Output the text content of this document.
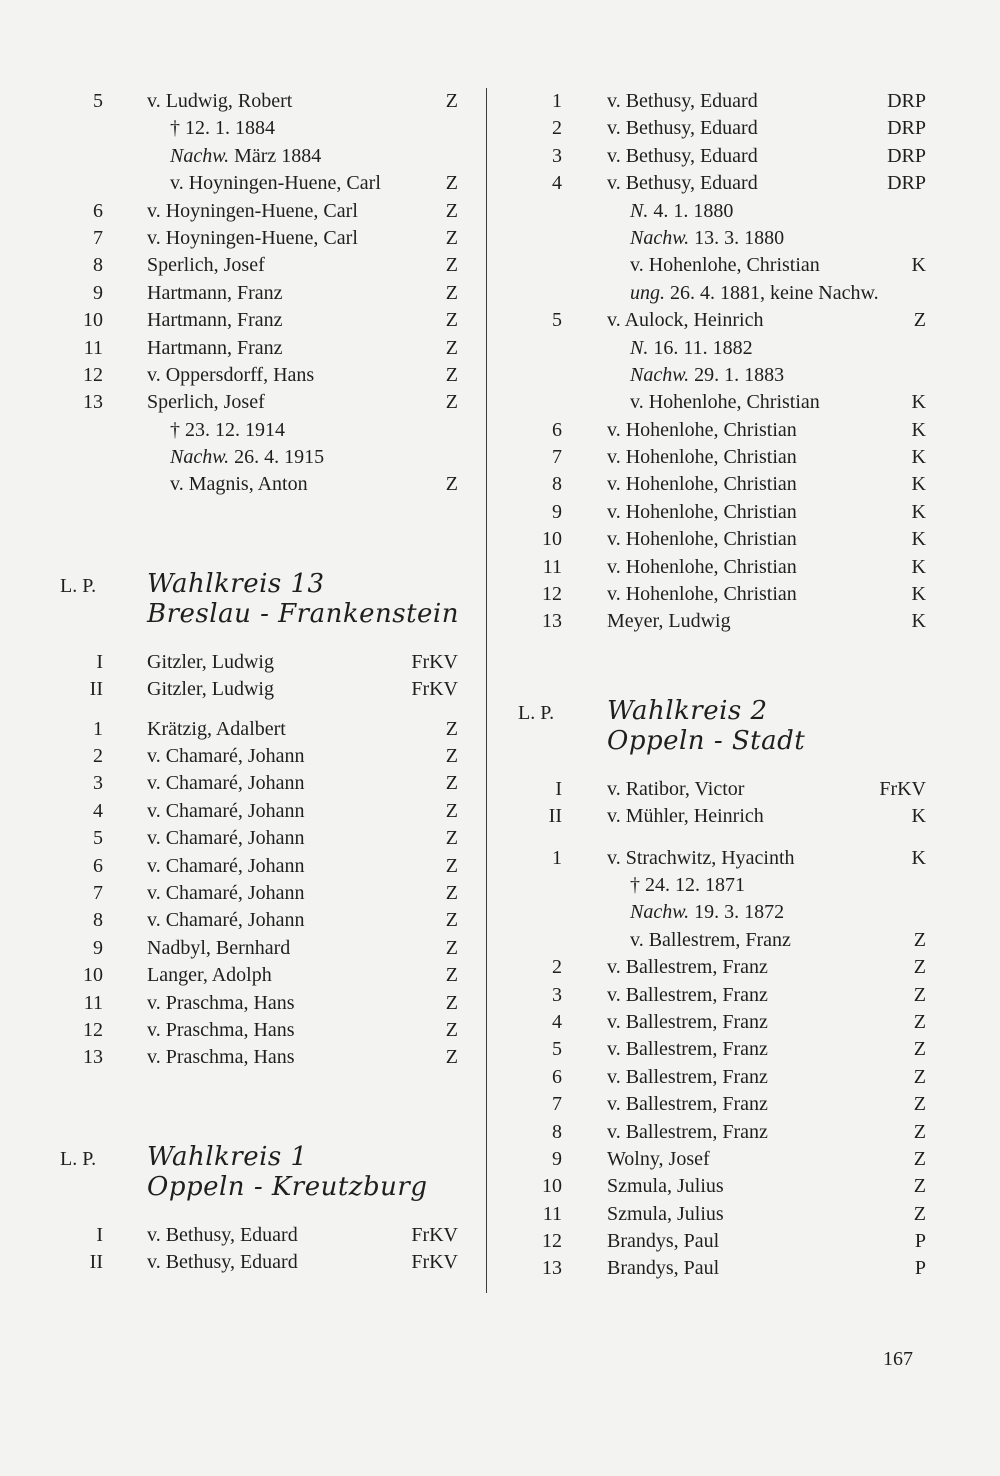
5 v. Ludwig, Robert	Z
† 12. 1. 1884
Nachw. März 1884
v. Hoyningen-Huene, Carl	Z
6 v. Hoyningen-Huene, Carl	Z
7 v. Hoyningen-Huene, Carl	Z
8 Sperlich, Josef	Z
9 Hartmann, Franz	Z
10 Hartmann, Franz	Z
11 Hartmann, Franz	Z
12 v. Oppersdorff, Hans	Z
13 Sperlich, Josef	Z
† 23. 12. 1914
Nachw. 26. 4. 1915
v. Magnis, Anton	Z
L. P. Wahlkreis 13
Breslau - Frankenstein
I Gitzler, Ludwig	FrKV
II Gitzler, Ludwig	FrKV
1 Krätzig, Adalbert	Z
2 v. Chamaré, Johann	Z
3 v. Chamaré, Johann	Z
4 v. Chamaré, Johann	Z
5 v. Chamaré, Johann	Z
6 v. Chamaré, Johann	Z
7 v. Chamaré, Johann	Z
8 v. Chamaré, Johann	Z
9 Nadbyl, Bernhard	Z
10 Langer, Adolph	Z
11 v. Praschma, Hans	Z
12 v. Praschma, Hans	Z
13 v. Praschma, Hans	Z
L. P. Wahlkreis 1
Oppeln - Kreutzburg
I v. Bethusy, Eduard	FrKV
II v. Bethusy, Eduard	FrKV
1 v. Bethusy, Eduard	DRP
2 v. Bethusy, Eduard	DRP
3 v. Bethusy, Eduard	DRP
4 v. Bethusy, Eduard	DRP
N. 4. 1. 1880
Nachw. 13. 3. 1880
v. Hohenlohe, Christian	K
ung. 26. 4. 1881, keine Nachw.
5 v. Aulock, Heinrich	Z
N. 16. 11. 1882
Nachw. 29. 1. 1883
v. Hohenlohe, Christian	K
6 v. Hohenlohe, Christian	K
7 v. Hohenlohe, Christian	K
8 v. Hohenlohe, Christian	K
9 v. Hohenlohe, Christian	K
10 v. Hohenlohe, Christian	K
11 v. Hohenlohe, Christian	K
12 v. Hohenlohe, Christian	K
13 Meyer, Ludwig	K
L. P. Wahlkreis 2
Oppeln - Stadt
I v. Ratibor, Victor	FrKV
II v. Mühler, Heinrich	K
1 v. Strachwitz, Hyacinth	K
† 24. 12. 1871
Nachw. 19. 3. 1872
v. Ballestrem, Franz	Z
2 v. Ballestrem, Franz	Z
3 v. Ballestrem, Franz	Z
4 v. Ballestrem, Franz	Z
5 v. Ballestrem, Franz	Z
6 v. Ballestrem, Franz	Z
7 v. Ballestrem, Franz	Z
8 v. Ballestrem, Franz	Z
9 Wolny, Josef	Z
10 Szmula, Julius	Z
11 Szmula, Julius	Z
12 Brandys, Paul	P
13 Brandys, Paul	P
167
